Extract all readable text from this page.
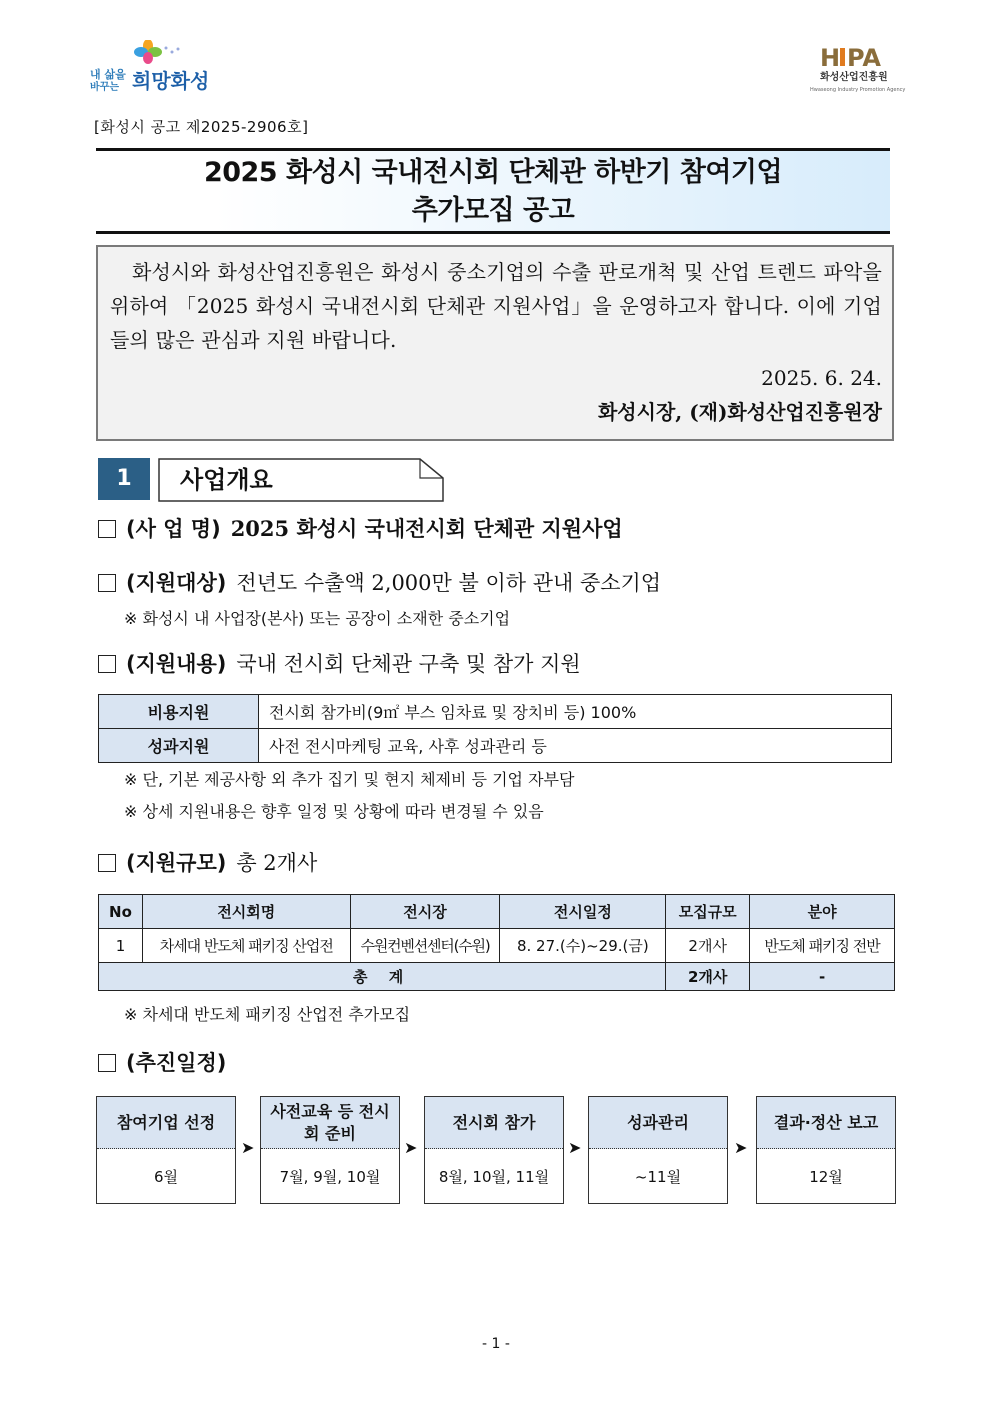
내 삶을
바꾸는 희망화성
H PA
화성산업진흥원
Hwaseong Industry Promotion Agency
[화성시 공고 제2025-2906호]
2025 화성시 국내전시회 단체관 하반기 참여기업
추가모집 공고

화성시와 화성산업진흥원은 화성시 중소기업의 수출 판로개척 및 산업 트렌드 파악을 위하여 「2025 화성시 국내전시회 단체관 지원사업」을 운영하고자 합니다. 이에 기업들의 많은 관심과 지원 바랍니다.

2025. 6. 24.

화성시장, (재)화성산업진흥원장

1	사업개요
(사 업 명) 2025 화성시 국내전시회 단체관 지원사업
(지원대상) 전년도 수출액 2,000만 불 이하 관내 중소기업
※ 화성시 내 사업장(본사) 또는 공장이 소재한 중소기업
(지원내용) 국내 전시회 단체관 구축 및 참가 지원
비용지원	전시회 참가비(9㎡ 부스 임차료 및 장치비 등) 100%
성과지원	사전 전시마케팅 교육, 사후 성과관리 등
※ 단, 기본 제공사항 외 추가 집기 및 현지 체제비 등 기업 자부담
※ 상세 지원내용은 향후 일정 및 상황에 따라 변경될 수 있음
(지원규모) 총 2개사
No	전시회명	전시장	전시일정	모집규모	분야
1	차세대 반도체 패키징 산업전	수원컨벤션센터(수원)	8. 27.(수)~29.(금)	2개사	반도체 패키징 전반
총 계				2개사	-
※ 차세대 반도체 패키징 산업전 추가모집
(추진일정)
참여기업 선정
6월
➤
사전교육 등 전시회 준비
7월, 9월, 10월
➤
전시회 참가
8월, 10월, 11월
➤
성과관리
~11월
➤
결과·정산 보고
12월
- 1 -
